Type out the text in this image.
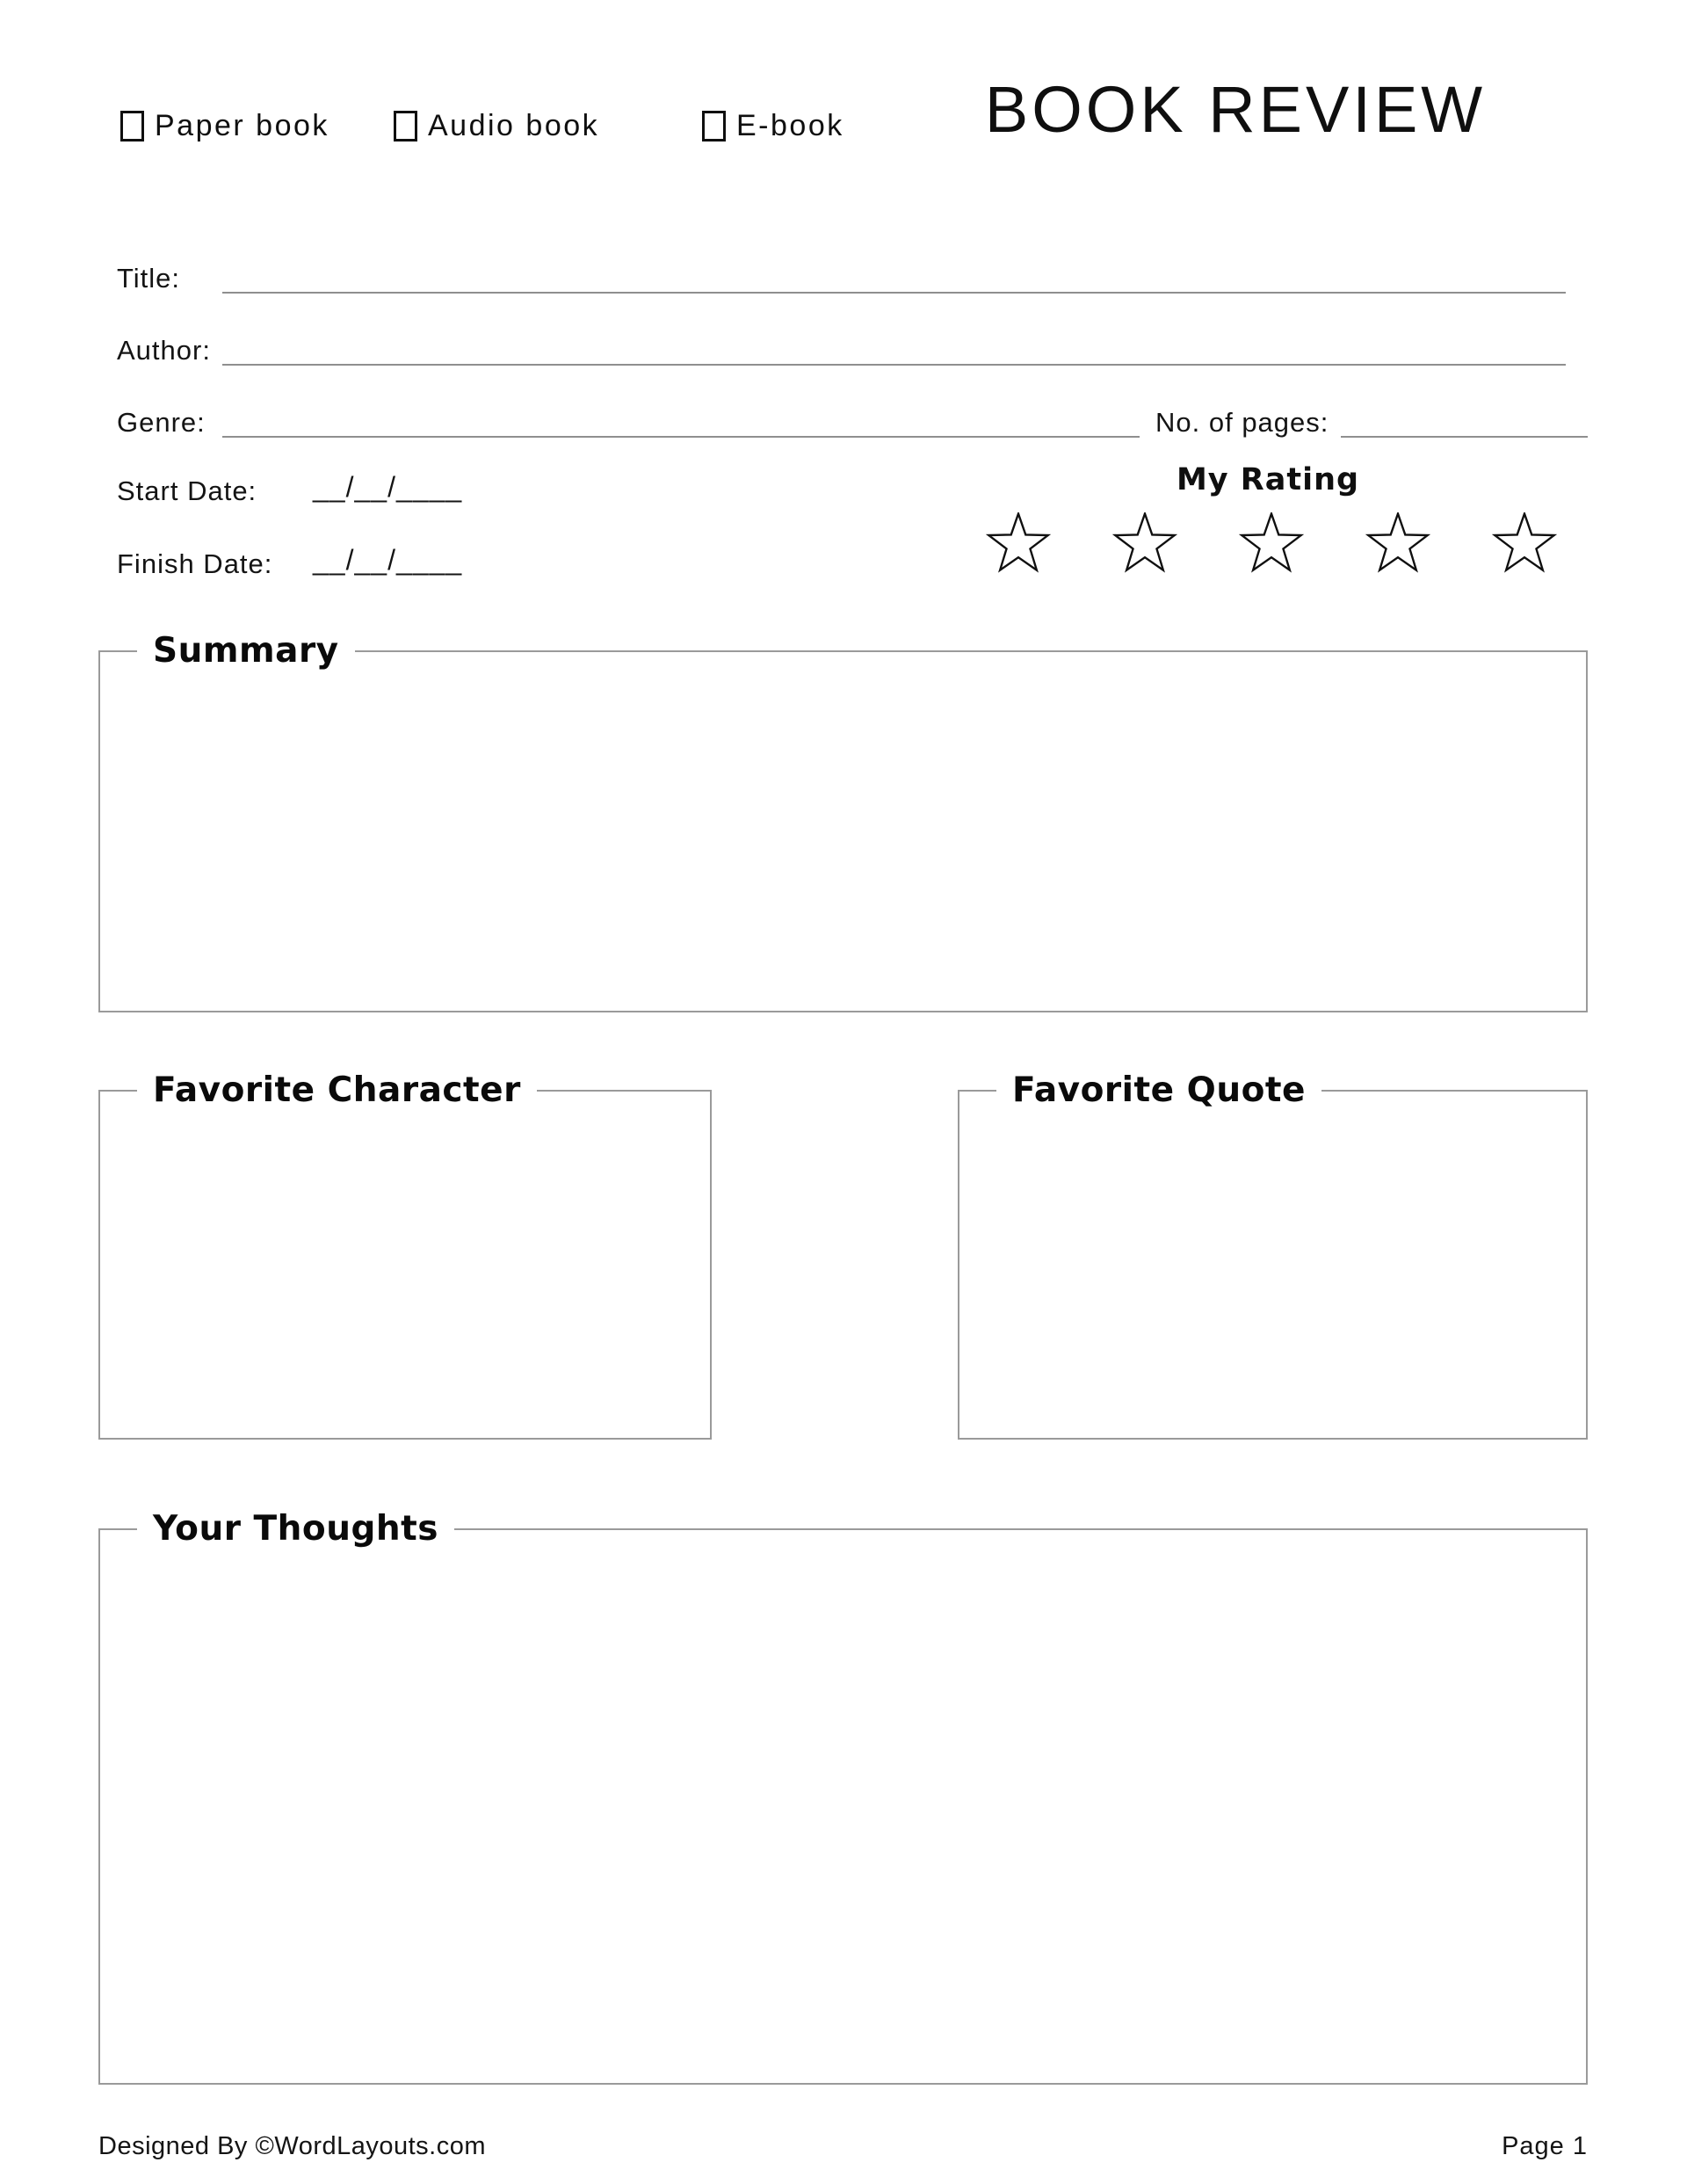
Paper book	Audio book	E-book	BOOK REVIEW
Title:
Author:
Genre:	No. of pages:
Start Date: __/__/____
Finish Date: __/__/____
My Rating
Summary
Favorite Character	Favorite Quote
Your Thoughts
Designed By ©WordLayouts.com	Page 1
